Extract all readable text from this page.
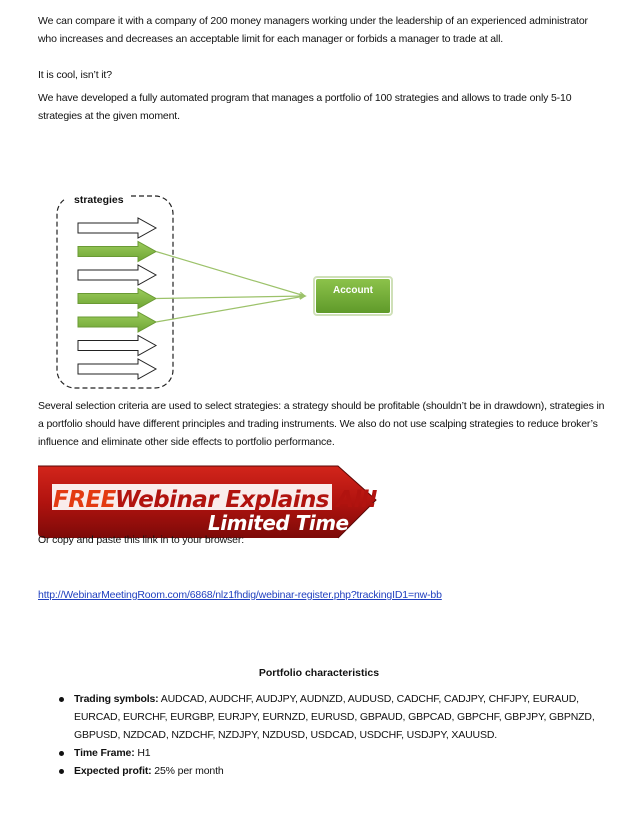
We can compare it with a company of 200 money managers working under the leadership of an experienced administrator who increases and decreases an acceptable limit for each manager or forbids a manager to trade at all.
It is cool, isn’t it?
We have developed a fully automated program that manages a portfolio of 100 strategies and allows to trade only 5-10 strategies at the given moment.
strategies
Account
Several selection criteria are used to select strategies: a strategy should be profitable (shouldn’t be in drawdown), strategies in a portfolio should have different principles and trading instruments. We also do not use scalping strategies to reduce broker’s influence and eliminate other side effects to portfolio performance.
FREE Webinar Explains All!
Limited Time
Or copy and paste this link in to your browser:
http://WebinarMeetingRoom.com/6868/nlz1fhdig/webinar-register.php?trackingID1=nw-bb
Portfolio characteristics
Trading symbols: AUDCAD, AUDCHF, AUDJPY, AUDNZD, AUDUSD, CADCHF, CADJPY, CHFJPY, EURAUD, EURCAD, EURCHF, EURGBP, EURJPY, EURNZD, EURUSD, GBPAUD, GBPCAD, GBPCHF, GBPJPY, GBPNZD, GBPUSD, NZDCAD, NZDCHF, NZDJPY, NZDUSD, USDCAD, USDCHF, USDJPY, XAUUSD.
Time Frame: H1
Expected profit: 25% per month
